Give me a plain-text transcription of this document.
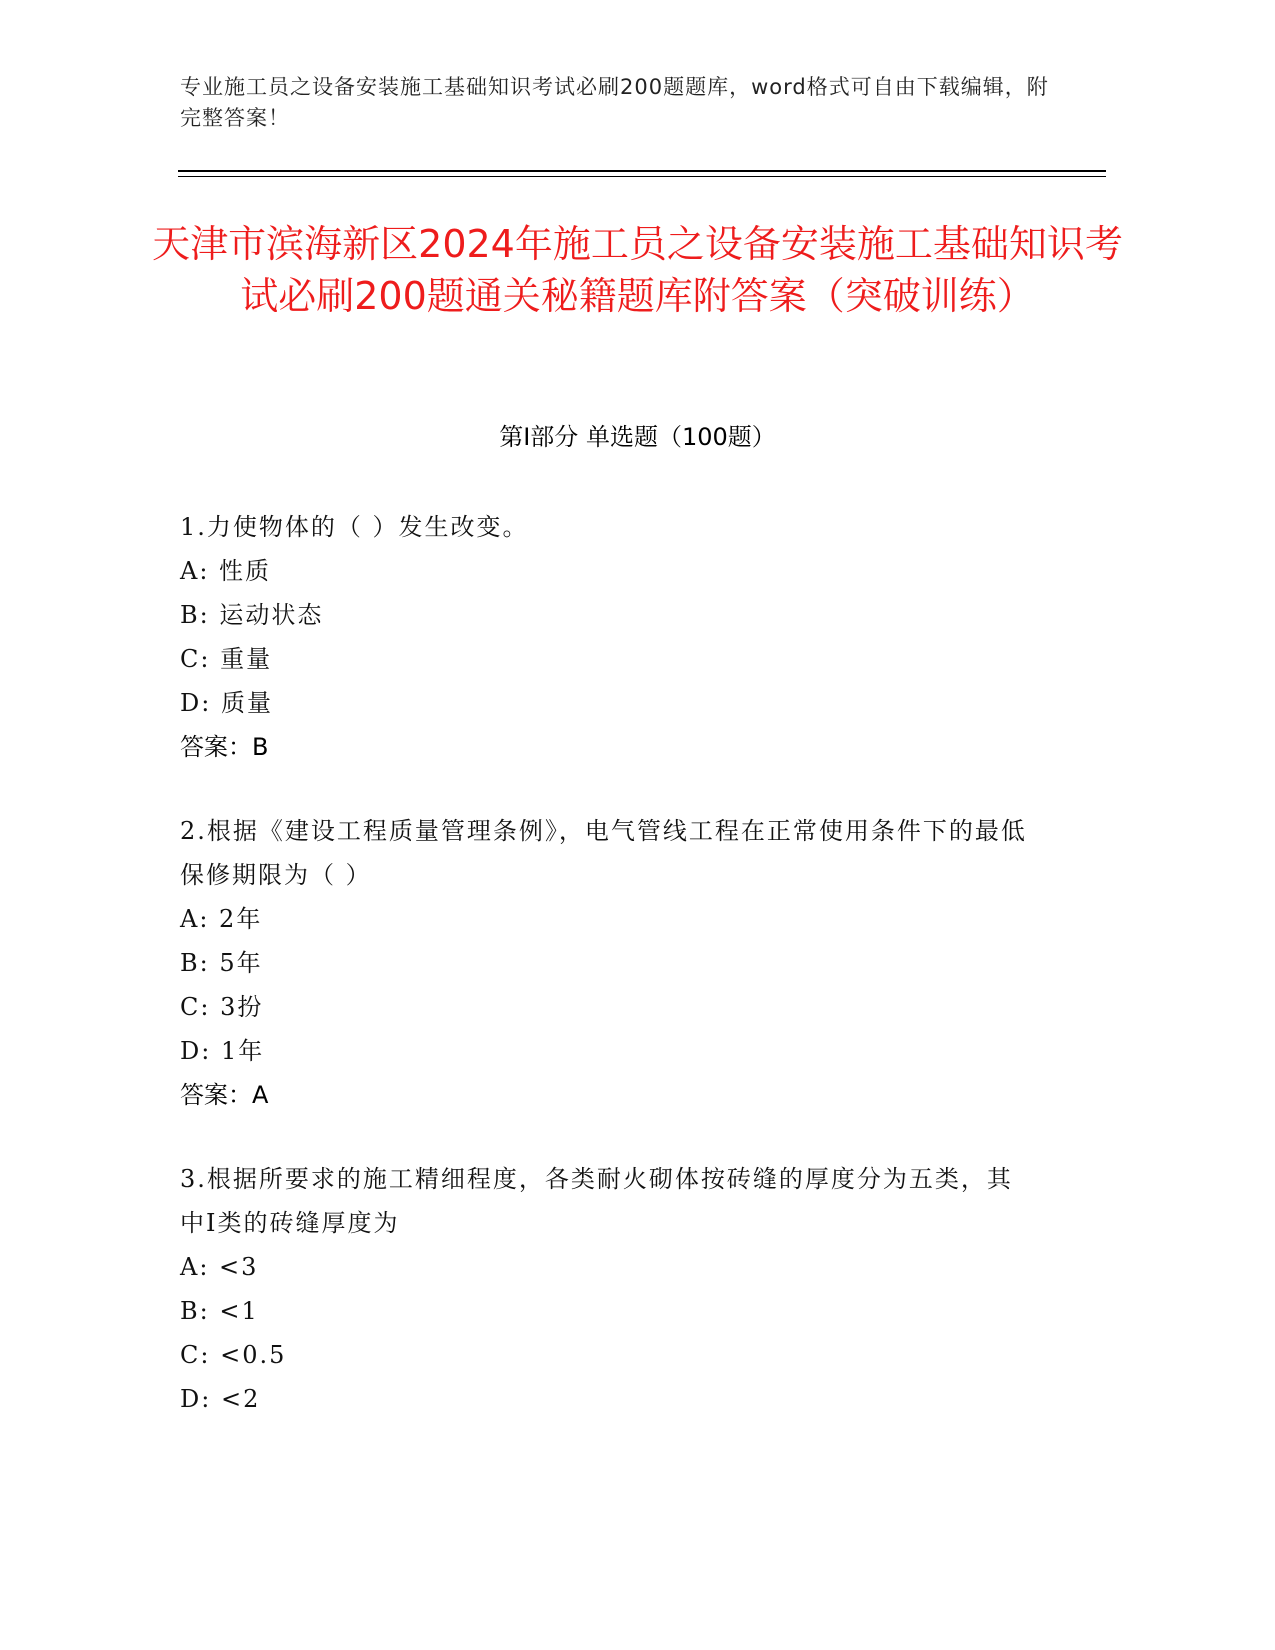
专业施工员之设备安装施工基础知识考试必刷200题题库，word格式可自由下载编辑，附完整答案！
天津市滨海新区2024年施工员之设备安装施工基础知识考试必刷200题通关秘籍题库附答案（突破训练）
第Ⅰ部分 单选题（100题）
1.力使物体的（ ）发生改变。
A: 性质
B: 运动状态
C: 重量
D: 质量
答案：B
2.根据《建设工程质量管理条例》，电气管线工程在正常使用条件下的最低保修期限为（ ）
A: 2年
B: 5年
C: 3扮
D: 1年
答案：A
3.根据所要求的施工精细程度，各类耐火砌体按砖缝的厚度分为五类，其中Ⅰ类的砖缝厚度为
A: <3
B: <1
C: <0.5
D: <2
